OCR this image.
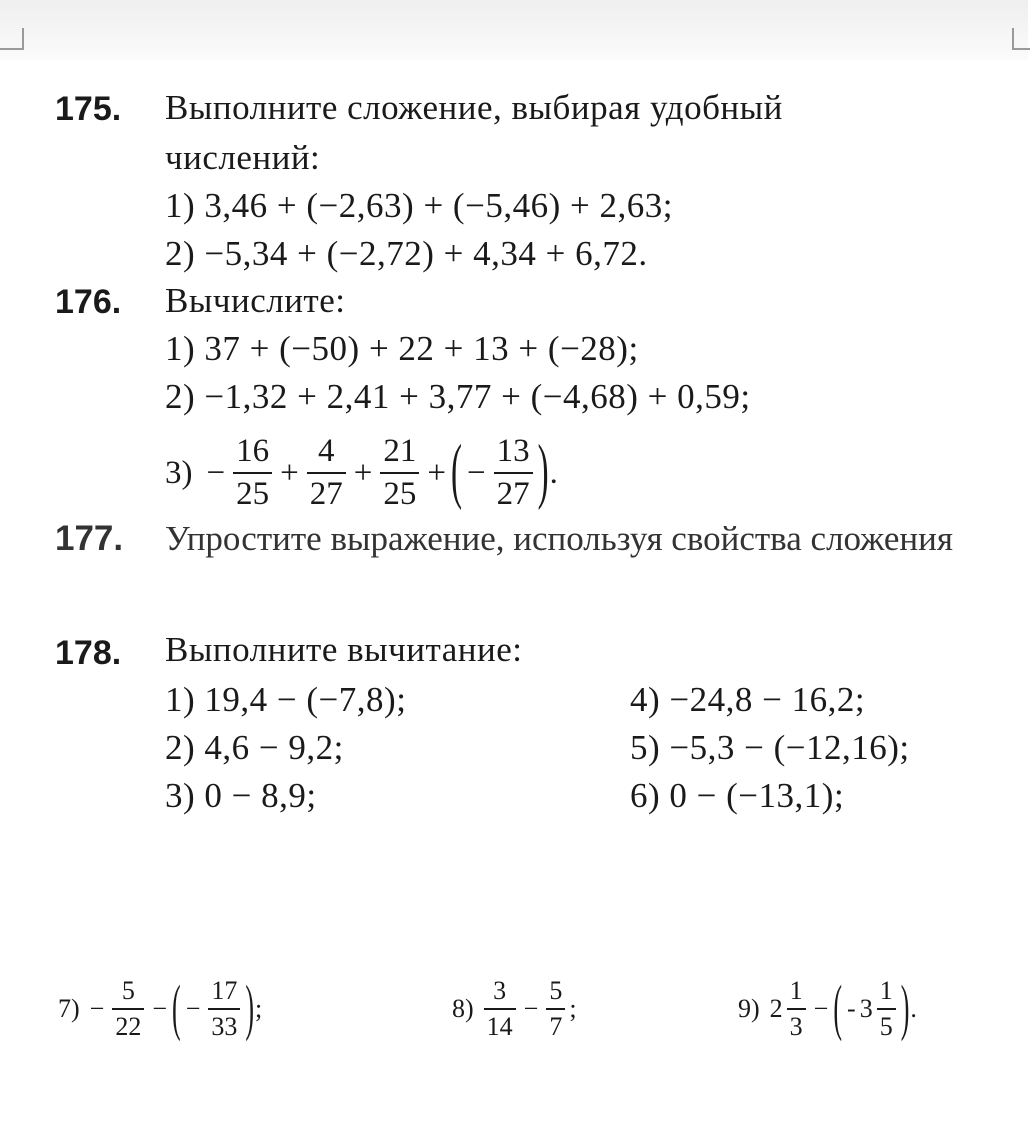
175. Выполните сложение, выбирая удобный
числений:
1) 3,46 + (−2,63) + (−5,46) + 2,63;
2) −5,34 + (−2,72) + 4,34 + 6,72.
176. Вычислите:
1) 37 + (−50) + 22 + 13 + (−28);
2) −1,32 + 2,41 + 3,77 + (−4,68) + 0,59;
$3) - \frac{16}{25} + \frac{4}{27} + \frac{21}{25}$ + ( − $\frac{13}{27}$ ) .
177. Упростите выражение, используя свойства сложения
178. Выполните вычитание:
1) 19,4 − (−7,8);
2) 4,6 − 9,2;
3) 0 − 8,9;
4) −24,8 − 16,2;
5) −5,3 − (−12,16);
6) 0 − (−13,1);
$7) - \frac{5}{22}$ − ( − $\frac{17}{33}$ ) ;	$8) \frac{3}{14} - \frac{5}{7}$ ;	9) $2 \frac{1}{3}$ − ( - $3 \frac{1}{5}$ ) .
